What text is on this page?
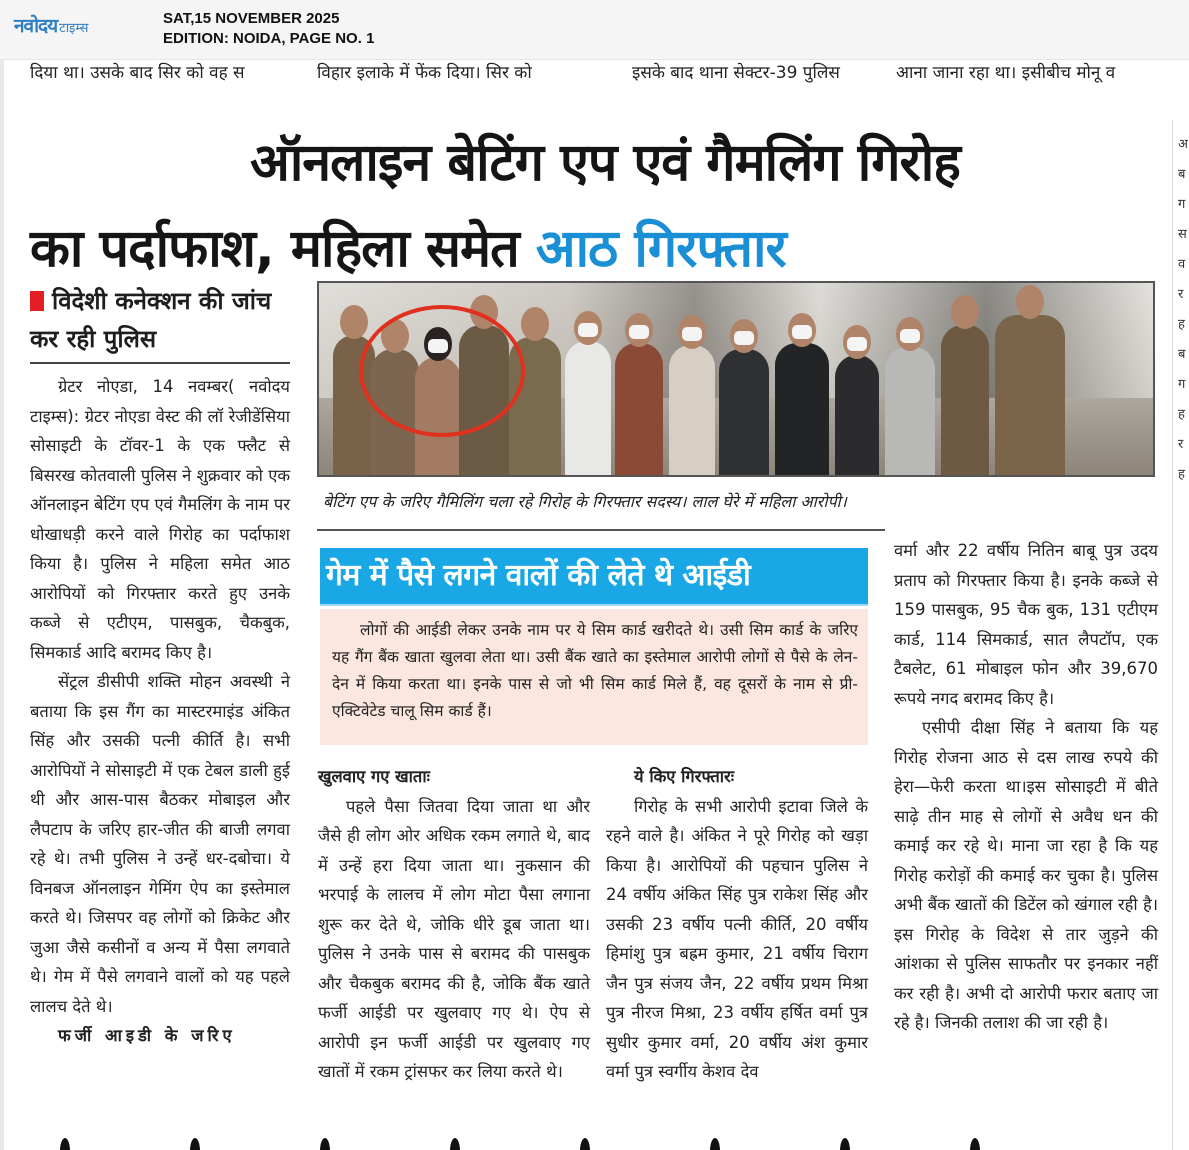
नवोदय टाइम्स
SAT,15 NOVEMBER 2025
EDITION: NOIDA, PAGE NO. 1
दिया था। उसके बाद सिर को वह स	विहार इलाके में फेंक दिया। सिर को	इसके बाद थाना सेक्टर-39 पुलिस	आना जाना रहा था। इसीबीच मोनू व
ऑनलाइन बेटिंग एप एवं गैमलिंग गिरोह
का पर्दाफाश, महिला समेत आठ गिरफ्तार
विदेशी कनेक्शन की जांच कर रही पुलिस

ग्रेटर नोएडा, 14 नवम्बर( नवोदय टाइम्स): ग्रेटर नोएडा वेस्ट की लॉ रेजीडेंसिया सोसाइटी के टॉवर-1 के एक फ्लैट से बिसरख कोतवाली पुलिस ने शुक्रवार को एक ऑनलाइन बेटिंग एप एवं गैमलिंग के नाम पर धोखाधड़ी करने वाले गिरोह का पर्दाफाश किया है। पुलिस ने महिला समेत आठ आरोपियों को गिरफ्तार करते हुए उनके कब्जे से एटीएम, पासबुक, चैकबुक, सिमकार्ड आदि बरामद किए है।

सेंट्रल डीसीपी शक्ति मोहन अवस्थी ने बताया कि इस गैंग का मास्टरमाइंड अंकित सिंह और उसकी पत्नी कीर्ति है। सभी आरोपियों ने सोसाइटी में एक टेबल डाली हुई थी और आस-पास बैठकर मोबाइल और लैपटाप के जरिए हार-जीत की बाजी लगवा रहे थे। तभी पुलिस ने उन्हें धर-दबोचा। ये विनबज ऑनलाइन गेमिंग ऐप का इस्तेमाल करते थे। जिसपर वह लोगों को क्रिकेट और जुआ जैसे कसीनों व अन्य में पैसा लगवाते थे। गेम में पैसे लगवाने वालों को यह पहले लालच देते थे।

फर्जी आइडी के जरिए

बेटिंग एप के जरिए गैमिलिंग चला रहे गिरोह के गिरफ्तार सदस्य। लाल घेरे में महिला आरोपी।
गेम में पैसे लगने वालों की लेते थे आईडी

लोगों की आईडी लेकर उनके नाम पर ये सिम कार्ड खरीदते थे। उसी सिम कार्ड के जरिए यह गैंग बैंक खाता खुलवा लेता था। उसी बैंक खाते का इस्तेमाल आरोपी लोगों से पैसे के लेन-देन में किया करता था। इनके पास से जो भी सिम कार्ड मिले हैं, वह दूसरों के नाम से प्री-एक्टिवेटेड चालू सिम कार्ड हैं।

खुलवाए गए खाताः

पहले पैसा जितवा दिया जाता था और जैसे ही लोग ओर अधिक रकम लगाते थे, बाद में उन्हें हरा दिया जाता था। नुकसान की भरपाई के लालच में लोग मोटा पैसा लगाना शुरू कर देते थे, जोकि धीरे डूब जाता था। पुलिस ने उनके पास से बरामद की पासबुक और चैकबुक बरामद की है, जोकि बैंक खाते फर्जी आईडी पर खुलवाए गए थे। ऐप से आरोपी इन फर्जी आईडी पर खुलवाए गए खातों में रकम ट्रांसफर कर लिया करते थे।

ये किए गिरफ्तारः

गिरोह के सभी आरोपी इटावा जिले के रहने वाले है। अंकित ने पूरे गिरोह को खड़ा किया है। आरोपियों की पहचान पुलिस ने 24 वर्षीय अंकित सिंह पुत्र राकेश सिंह और उसकी 23 वर्षीय पत्नी कीर्ति, 20 वर्षीय हिमांशु पुत्र बह्रम कुमार, 21 वर्षीय चिराग जैन पुत्र संजय जैन, 22 वर्षीय प्रथम मिश्रा पुत्र नीरज मिश्रा, 23 वर्षीय हर्षित वर्मा पुत्र सुधीर कुमार वर्मा, 20 वर्षीय अंश कुमार वर्मा पुत्र स्वर्गीय केशव देव

वर्मा और 22 वर्षीय नितिन बाबू पुत्र उदय प्रताप को गिरफ्तार किया है। इनके कब्जे से 159 पासबुक, 95 चैक बुक, 131 एटीएम कार्ड, 114 सिमकार्ड, सात लैपटॉप, एक टैबलेट, 61 मोबाइल फोन और 39,670 रूपये नगद बरामद किए है।

एसीपी दीक्षा सिंह ने बताया कि यह गिरोह रोजना आठ से दस लाख रुपये की हेरा—फेरी करता था।इस सोसाइटी में बीते साढ़े तीन माह से लोगों से अवैध धन की कमाई कर रहे थे। माना जा रहा है कि यह गिरोह करोड़ों की कमाई कर चुका है। पुलिस अभी बैंक खातों की डिटेंल को खंगाल रही है।इस गिरोह के विदेश से तार जुड़ने की आंशका से पुलिस साफतौर पर इनकार नहीं कर रही है। अभी दो आरोपी फरार बताए जा रहे है। जिनकी तलाश की जा रही है।

अ ब ग स व र ह ब ग ह र ह
